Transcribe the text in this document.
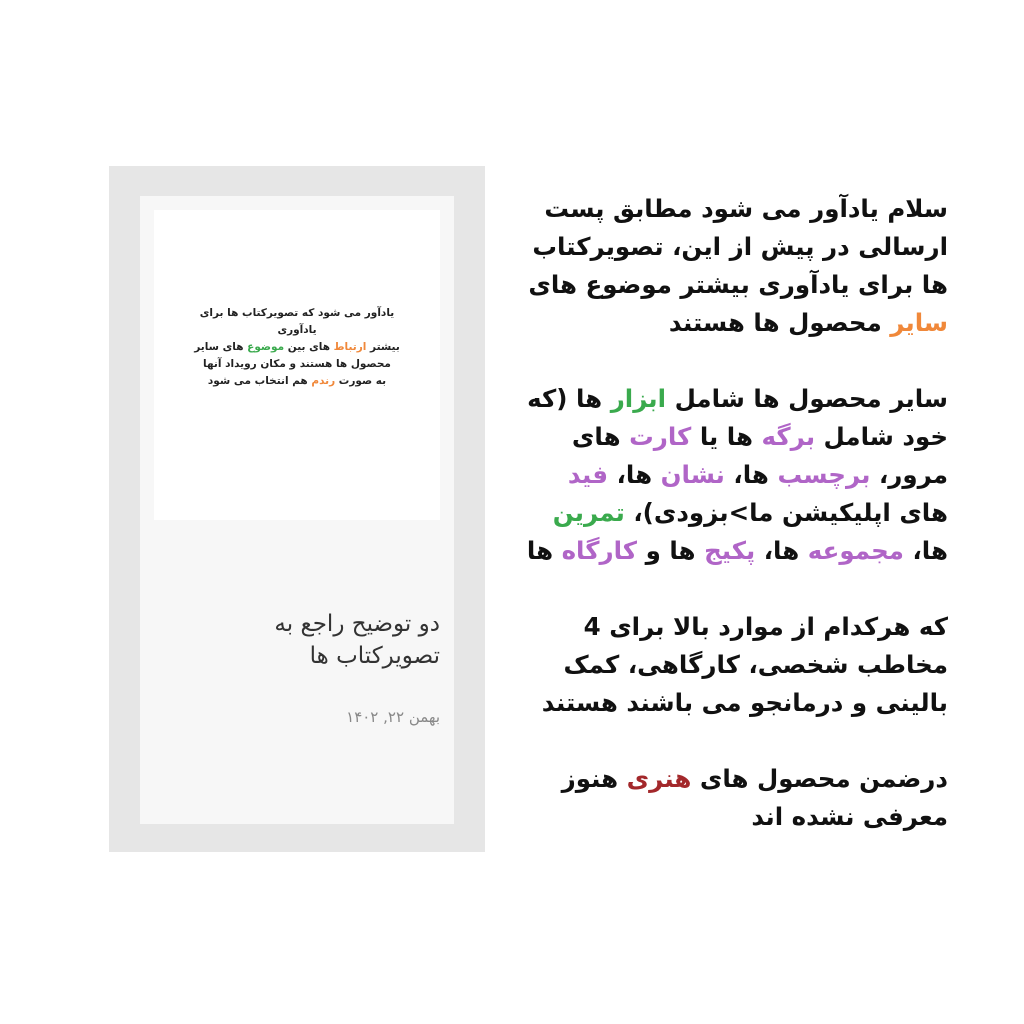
یادآور می شود که تصویرکتاب ها برای یادآوری
بیشتر ارتباط های بین موضوع های سایر
محصول ها هستند و مکان رویداد آنها
به صورت رندم هم انتخاب می شود
دو توضیح راجع به تصویرکتاب ها
بهمن ۲۲, ۱۴۰۲

سلام یادآور می شود مطابق پست ارسالی در پیش از این، تصویرکتاب ها برای یادآوری بیشتر موضوع های سایر محصول ها هستند

سایر محصول ها شامل ابزار ها (که خود شامل برگه ها یا کارت های مرور، برچسب ها، نشان ها، فید های اپلیکیشن ما>بزودی)، تمرین ها، مجموعه ها، پکیج ها و کارگاه ها

که هرکدام از موارد بالا برای 4 مخاطب شخصی، کارگاهی، کمک بالینی و درمانجو می باشند هستند

درضمن محصول های هنری هنوز معرفی نشده اند
